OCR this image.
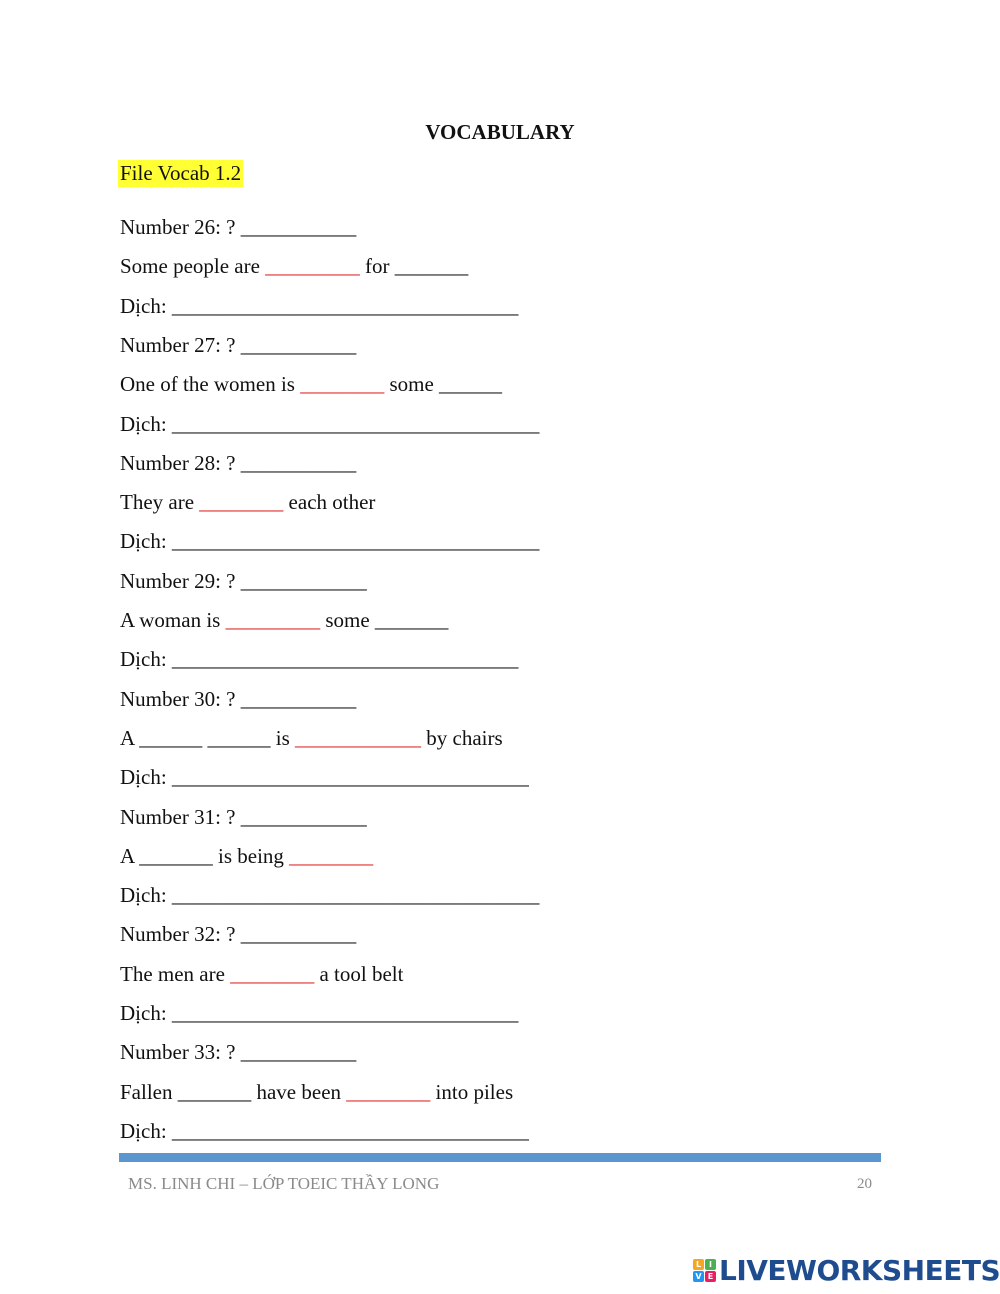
VOCABULARY
File Vocab 1.2
Number 26: ? ___________
Some people are _________ for _______
Dịch: _________________________________
Number 27: ? ___________
One of the women is ________ some ______
Dịch: ___________________________________
Number 28: ? ___________
They are ________ each other
Dịch: ___________________________________
Number 29: ? ____________
A woman is _________ some _______
Dịch: _________________________________
Number 30: ? ___________
A ______ ______ is ____________ by chairs
Dịch: __________________________________
Number 31: ? ____________
A _______ is being ________
Dịch: ___________________________________
Number 32: ? ___________
The men are ________ a tool belt
Dịch: _________________________________
Number 33: ? ___________
Fallen _______ have been ________ into piles
Dịch: __________________________________
MS. LINH CHI – LỚP TOEIC THẦY LONG	20
L I
V E LIVEWORKSHEETS
